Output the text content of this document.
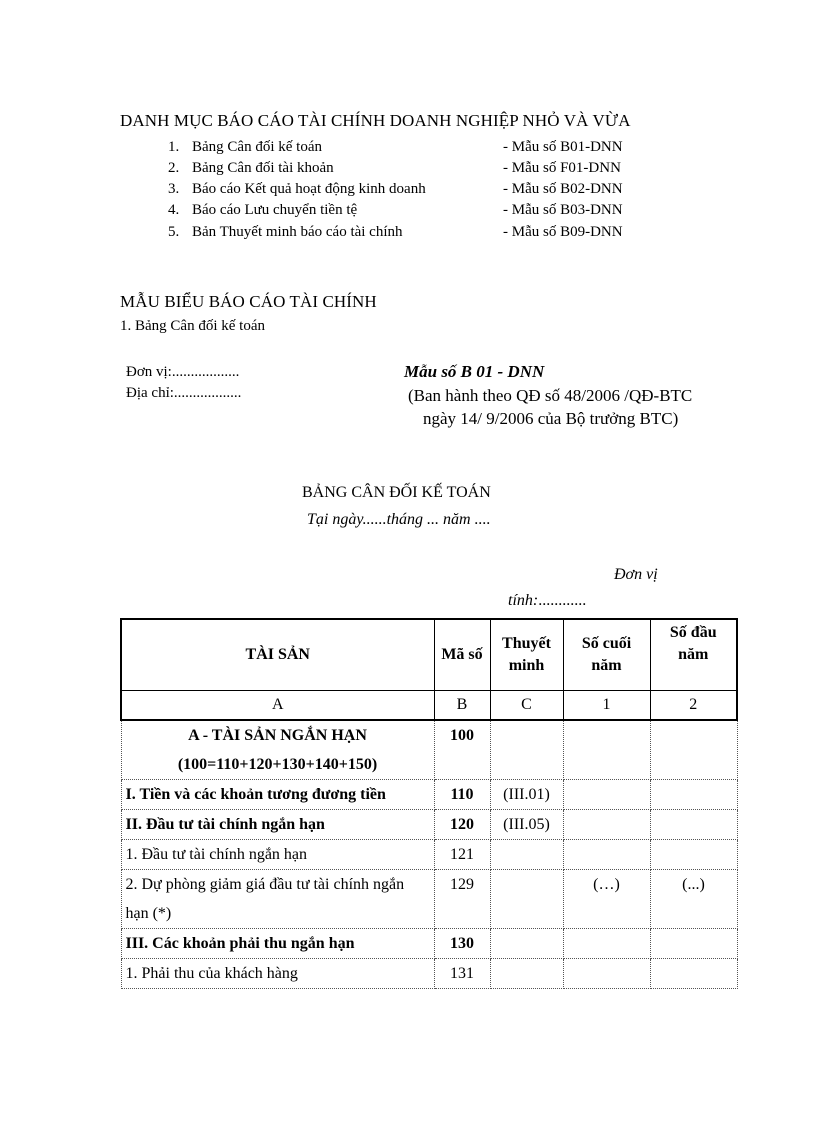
DANH MỤC BÁO CÁO TÀI CHÍNH DOANH NGHIỆP NHỎ VÀ VỪA
1. Bảng Cân đối kế toán	- Mẫu số B01-DNN
2. Bảng Cân đối tài khoản	- Mẫu số F01-DNN
3. Báo cáo Kết quả hoạt động kinh doanh	- Mẫu số B02-DNN
4. Báo cáo Lưu chuyển tiền tệ	- Mẫu số B03-DNN
5. Bản Thuyết minh báo cáo tài chính	- Mẫu số B09-DNN
MẪU BIỂU BÁO CÁO TÀI CHÍNH
1. Bảng Cân đối kế toán
Đơn vị:..................
Địa chỉ:..................
Mẫu số B 01 - DNN
(Ban hành theo QĐ số 48/2006 /QĐ-BTC
ngày 14/ 9/2006 của Bộ trưởng BTC)
BẢNG CÂN ĐỐI KẾ TOÁN
Tại ngày......tháng ... năm ....
Đơn vị
tính:............
TÀI SẢN	Mã số	Thuyết minh	Số cuối năm	Số đầu năm
A	B	C	1	2
A - TÀI SẢN NGẮN HẠN (100=110+120+130+140+150)	100			
I. Tiền và các khoản tương đương tiền	110	(III.01)		
II. Đầu tư tài chính ngắn hạn	120	(III.05)		
1. Đầu tư tài chính ngắn hạn	121			
2. Dự phòng giảm giá đầu tư tài chính ngắn hạn (*)	129		(…)	(...)
III. Các khoản phải thu ngắn hạn	130			
1. Phải thu của khách hàng	131			
